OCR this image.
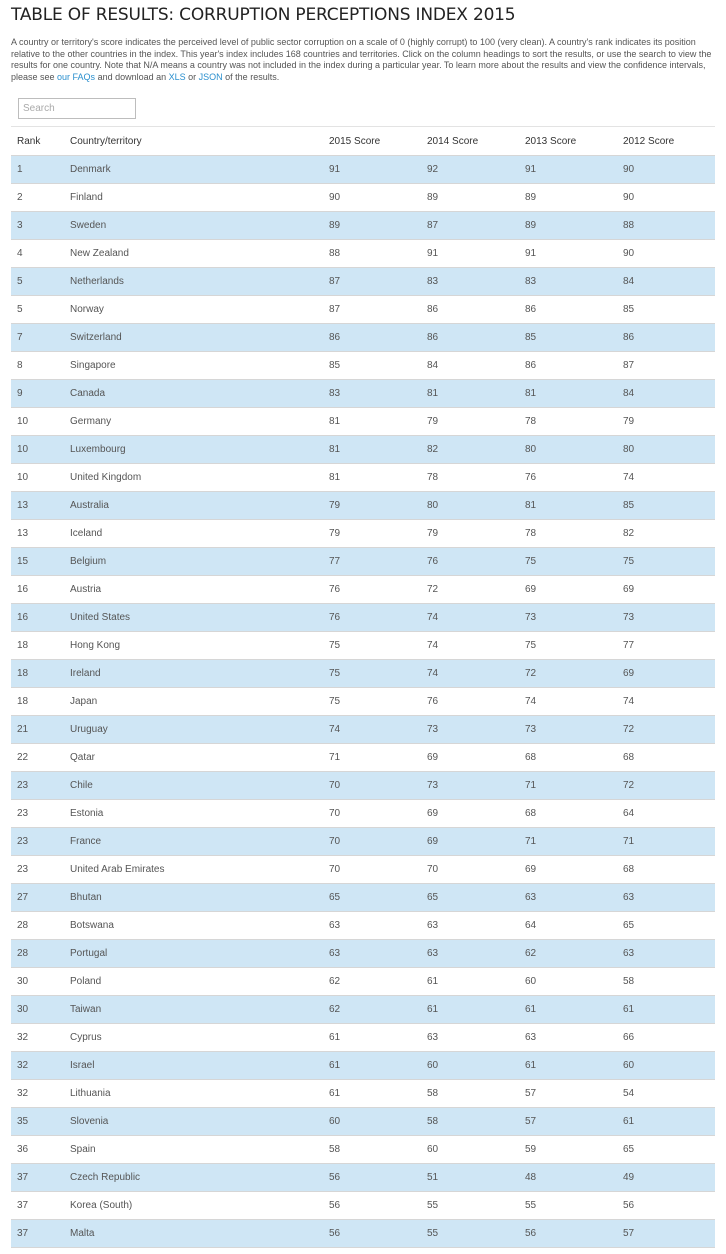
TABLE OF RESULTS: CORRUPTION PERCEPTIONS INDEX 2015

A country or territory's score indicates the perceived level of public sector corruption on a scale of 0 (highly corrupt) to 100 (very clean). A country's rank indicates its position relative to the other countries in the index. This year's index includes 168 countries and territories. Click on the column headings to sort the results, or use the search to view the results for one country. Note that N/A means a country was not included in the index during a particular year. To learn more about the results and view the confidence intervals, please see our FAQs and download an XLS or JSON of the results.

Search
Rank	Country/territory	2015 Score	2014 Score	2013 Score	2012 Score
1	Denmark	91	92	91	90
2	Finland	90	89	89	90
3	Sweden	89	87	89	88
4	New Zealand	88	91	91	90
5	Netherlands	87	83	83	84
5	Norway	87	86	86	85
7	Switzerland	86	86	85	86
8	Singapore	85	84	86	87
9	Canada	83	81	81	84
10	Germany	81	79	78	79
10	Luxembourg	81	82	80	80
10	United Kingdom	81	78	76	74
13	Australia	79	80	81	85
13	Iceland	79	79	78	82
15	Belgium	77	76	75	75
16	Austria	76	72	69	69
16	United States	76	74	73	73
18	Hong Kong	75	74	75	77
18	Ireland	75	74	72	69
18	Japan	75	76	74	74
21	Uruguay	74	73	73	72
22	Qatar	71	69	68	68
23	Chile	70	73	71	72
23	Estonia	70	69	68	64
23	France	70	69	71	71
23	United Arab Emirates	70	70	69	68
27	Bhutan	65	65	63	63
28	Botswana	63	63	64	65
28	Portugal	63	63	62	63
30	Poland	62	61	60	58
30	Taiwan	62	61	61	61
32	Cyprus	61	63	63	66
32	Israel	61	60	61	60
32	Lithuania	61	58	57	54
35	Slovenia	60	58	57	61
36	Spain	58	60	59	65
37	Czech Republic	56	51	48	49
37	Korea (South)	56	55	55	56
37	Malta	56	55	56	57
